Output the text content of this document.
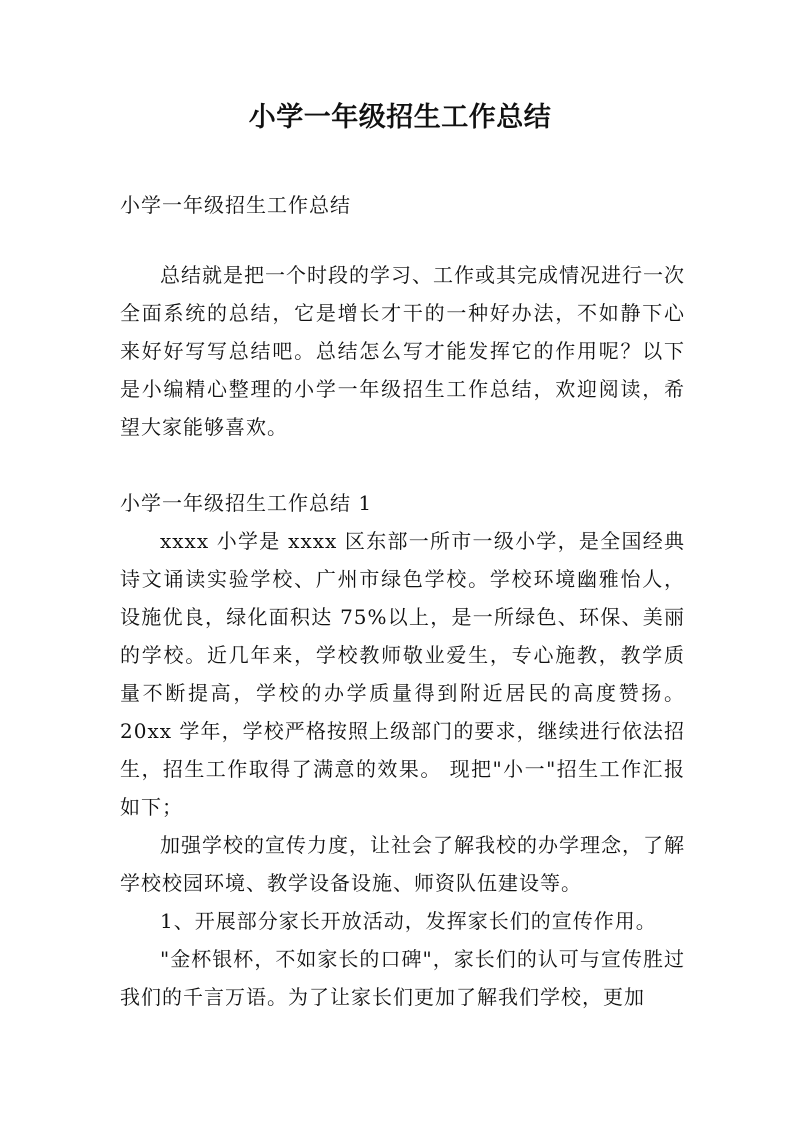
小学一年级招生工作总结

小学一年级招生工作总结

总结就是把一个时段的学习、工作或其完成情况进行一次全面系统的总结，它是增长才干的一种好办法，不如静下心来好好写写总结吧。总结怎么写才能发挥它的作用呢？以下是小编精心整理的小学一年级招生工作总结，欢迎阅读，希望大家能够喜欢。

小学一年级招生工作总结 1

xxxx 小学是 xxxx 区东部一所市一级小学，是全国经典诗文诵读实验学校、广州市绿色学校。学校环境幽雅怡人，设施优良，绿化面积达 75%以上，是一所绿色、环保、美丽的学校。近几年来，学校教师敬业爱生，专心施教，教学质量不断提高，学校的办学质量得到附近居民的高度赞扬。20xx 学年，学校严格按照上级部门的要求，继续进行依法招生，招生工作取得了满意的效果。 现把"小一"招生工作汇报如下；

加强学校的宣传力度，让社会了解我校的办学理念，了解学校校园环境、教学设备设施、师资队伍建设等。

1、开展部分家长开放活动，发挥家长们的宣传作用。

"金杯银杯，不如家长的口碑"，家长们的认可与宣传胜过我们的千言万语。为了让家长们更加了解我们学校，更加
